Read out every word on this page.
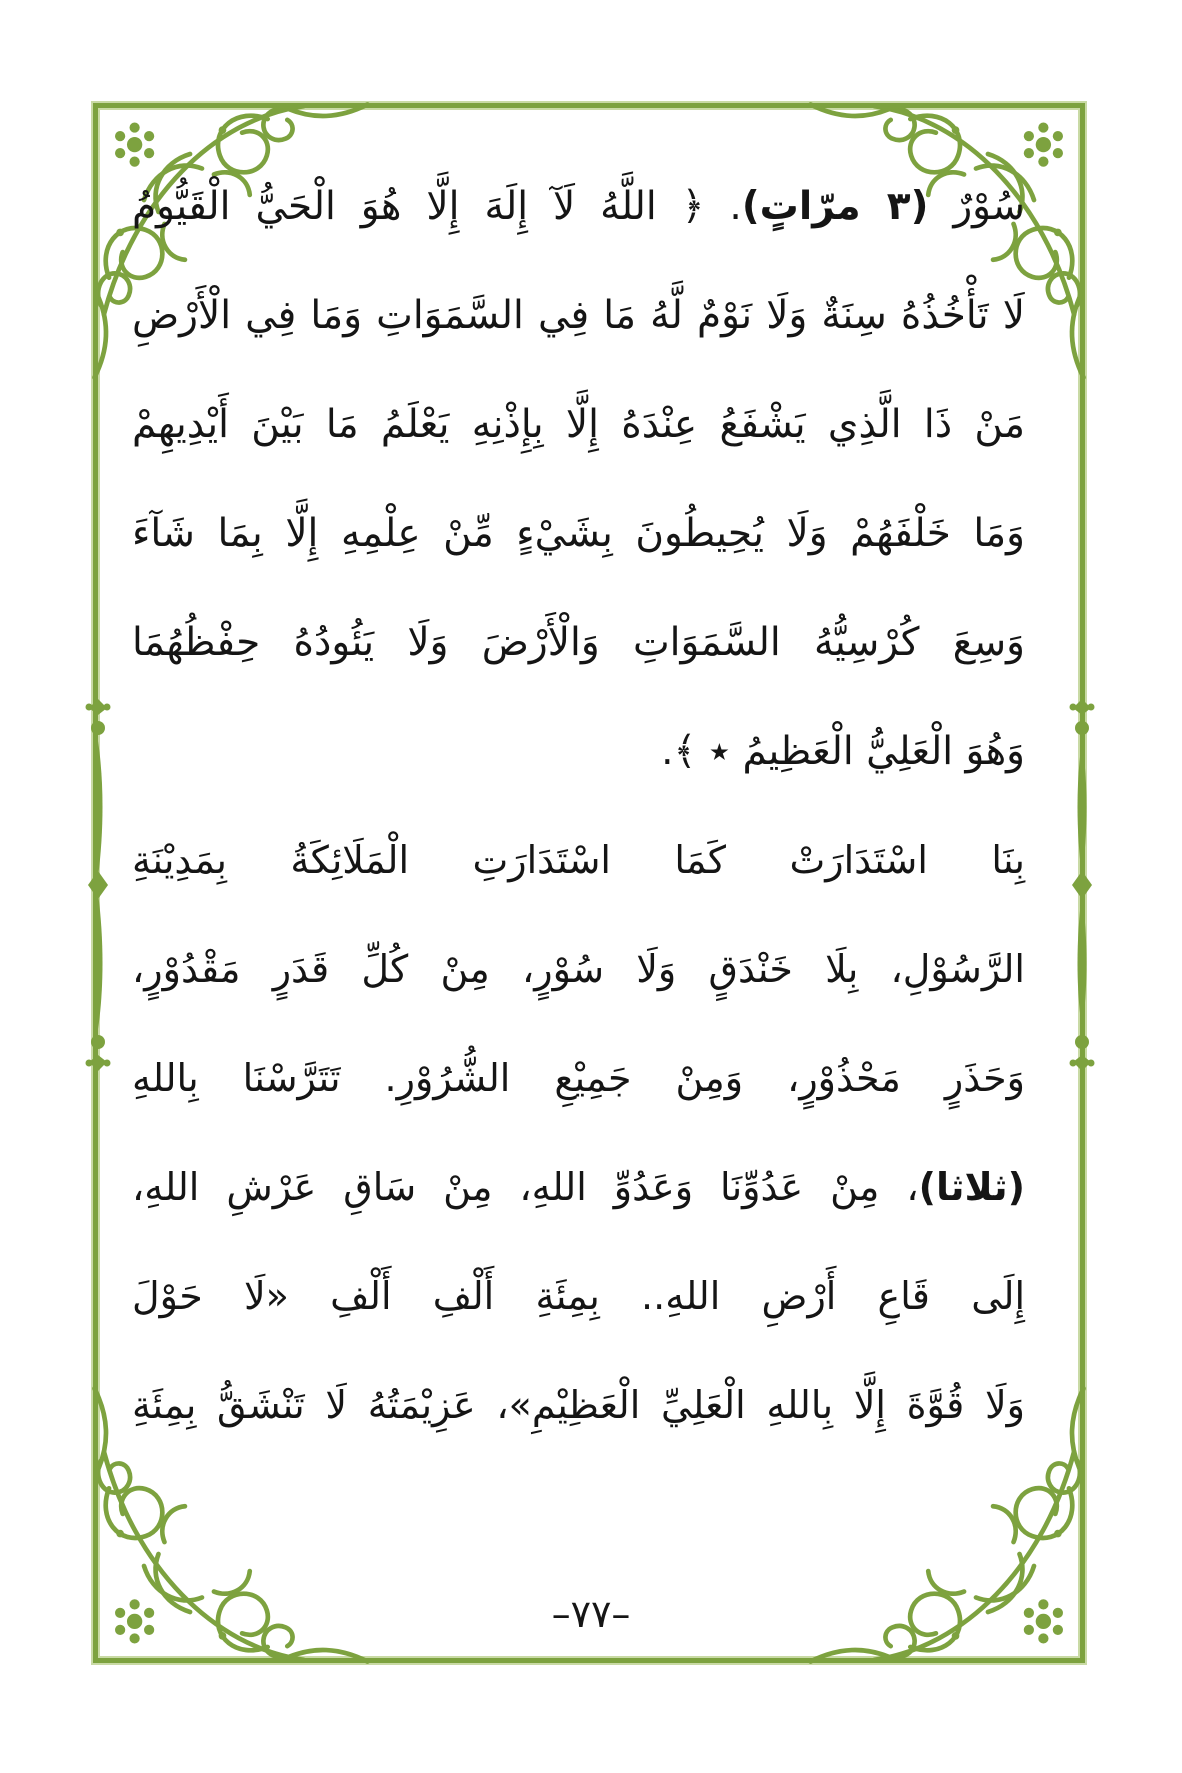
سُوْرٌ (٣ مرّاتٍ). ﴿ اللَّهُ لَآ إِلَهَ إِلَّا هُوَ الْحَيُّ الْقَيُّومُ
لَا تَأْخُذُهُ سِنَةٌ وَلَا نَوْمٌ لَّهُ مَا فِي السَّمَوَاتِ وَمَا فِي الْأَرْضِ
مَنْ ذَا الَّذِي يَشْفَعُ عِنْدَهُ إِلَّا بِإِذْنِهِ يَعْلَمُ مَا بَيْنَ أَيْدِيهِمْ
وَمَا خَلْفَهُمْ وَلَا يُحِيطُونَ بِشَيْءٍ مِّنْ عِلْمِهِ إِلَّا بِمَا شَآءَ
وَسِعَ كُرْسِيُّهُ السَّمَوَاتِ وَالْأَرْضَ وَلَا يَئُودُهُ حِفْظُهُمَا
وَهُوَ الْعَلِيُّ الْعَظِيمُ ٭ ﴾.
بِنَا اسْتَدَارَتْ كَمَا اسْتَدَارَتِ الْمَلَائِكَةُ بِمَدِيْنَةِ
الرَّسُوْلِ، بِلَا خَنْدَقٍ وَلَا سُوْرٍ، مِنْ كُلِّ قَدَرٍ مَقْدُوْرٍ،
وَحَذَرٍ مَحْذُوْرٍ، وَمِنْ جَمِيْعِ الشُّرُوْرِ. تَتَرَّسْنَا بِاللهِ
(ثلاثا)، مِنْ عَدُوِّنَا وَعَدُوِّ اللهِ، مِنْ سَاقِ عَرْشِ اللهِ،
إِلَى قَاعِ أَرْضِ اللهِ.. بِمِئَةِ أَلْفِ أَلْفِ «لَا حَوْلَ
وَلَا قُوَّةَ إِلَّا بِاللهِ الْعَلِيِّ الْعَظِيْمِ»، عَزِيْمَتُهُ لَا تَنْشَقُّ بِمِئَةِ
–٧٧–
